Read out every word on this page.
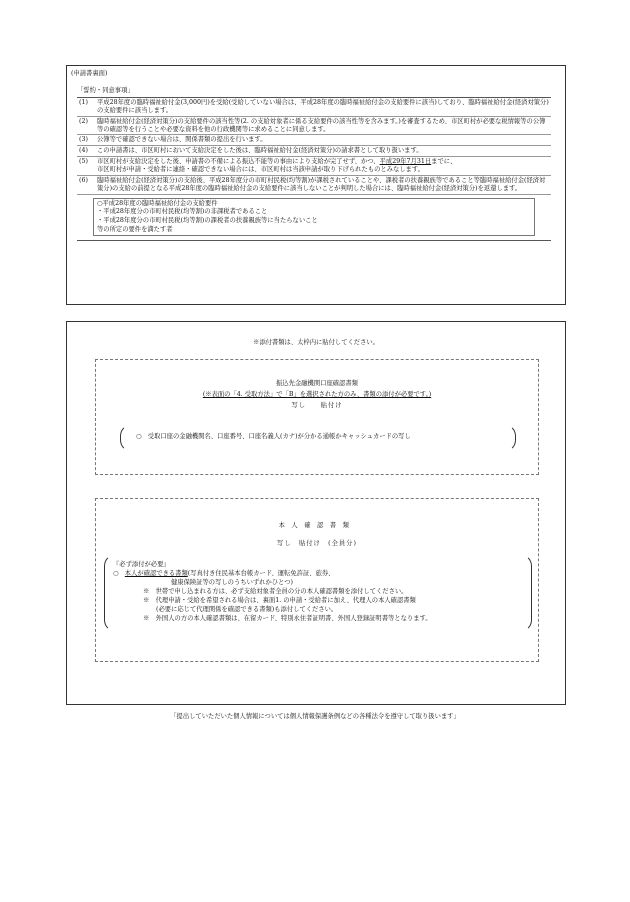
(申請書裏面)
「誓約・同意事項」
(1)	平成28年度の臨時福祉給付金(3,000円)を受給(受給していない場合は、平成28年度の臨時福祉給付金の支給要件に該当)しており、臨時福祉給付金(経済対策分)の支給要件に該当します。
(2)	臨時福祉給付金(経済対策分)の支給要件の該当性等(2. の支給対象者に係る支給要件の該当性等を含みます。)を審査するため、市区町村が必要な税情報等の公簿等の確認等を行うことや必要な資料を他の行政機関等に求めることに同意します。
(3)	公簿等で確認できない場合は、関係書類の提出を行います。
(4)	この申請書は、市区町村において支給決定をした後は、臨時福祉給付金(経済対策分)の請求書として取り扱います。
(5)	市区町村が支給決定をした後、申請書の不備による振込不能等の事由により支給が完了せず、かつ、平成29年7月31日までに、
市区町村が申請・受給者に連絡・確認できない場合には、市区町村は当該申請が取り下げられたものとみなします。
(6)	臨時福祉給付金(経済対策分)の支給後、平成28年度分の市町村民税(均等割)が課税されていることや、課税者の扶養親族等であること等臨時福祉給付金(経済対策分)の支給の前提となる平成28年度の臨時福祉給付金の支給要件に該当しないことが判明した場合には、臨時福祉給付金(経済対策分)を返還します。
○平成28年度の臨時福祉給付金の支給要件
・平成28年度分の市町村民税(均等割)の非課税者であること
・平成28年度分の市町村民税(均等割)の課税者の扶養親族等に当たらないこと
等の所定の要件を満たす者
※添付書類は、太枠内に貼付してください。
振込先金融機関口座確認書類
(※表面の「4. 受取方法」で「B」を選択された方のみ、書類の添付が必要です。)
写し　　貼付け
○　受取口座の金融機関名、口座番号、口座名義人(カナ)が分かる通帳かキャッシュカードの写し
本人確認書類
写し　貼付け　(全員分)
『必ず添付が必要』
○　本人が確認できる書類(写真付き住民基本台帳カード、運転免許証、旅券、
健康保険証等の写しのうちいずれかひとつ)
※　世帯で申し込まれる方は、必ず支給対象者全員の分の本人確認書類を添付してください。
※　代理申請・受給を希望される場合は、裏面1. の申請・受給者に加え、代理人の本人確認書類
(必要に応じて代理関係を確認できる書類)も添付してください。
※　外国人の方の本人確認書類は、在留カード、特別永住者証明書、外国人登録証明書等となります。
「提出していただいた個人情報については個人情報保護条例などの各種法令を遵守して取り扱います」
